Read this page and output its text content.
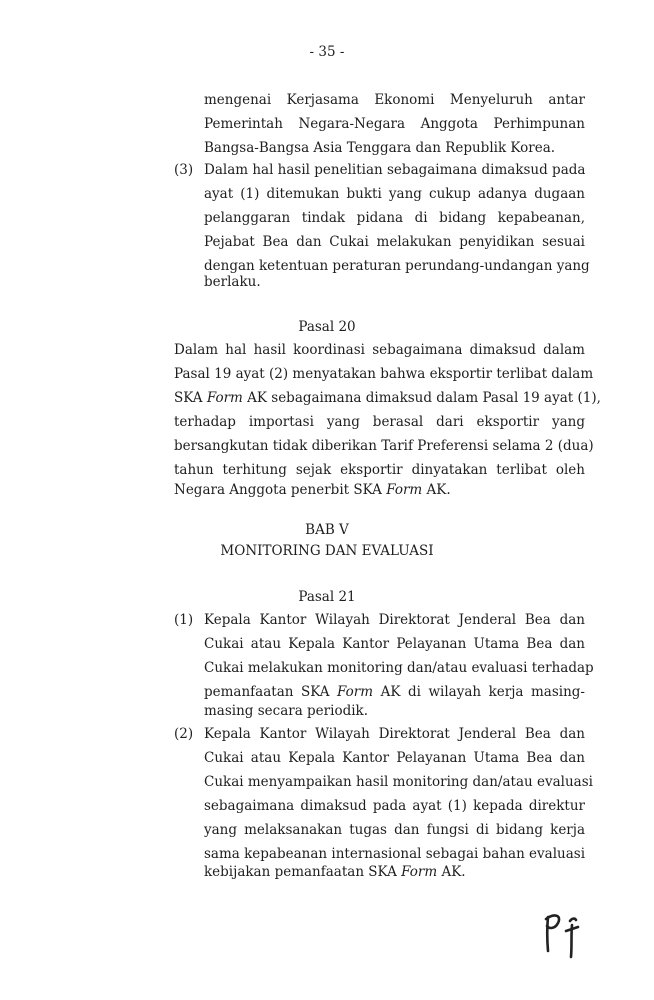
- 35 -
mengenai Kerjasama Ekonomi Menyeluruh antar
Pemerintah Negara-Negara Anggota Perhimpunan
Bangsa-Bangsa Asia Tenggara dan Republik Korea.
(3) Dalam hal hasil penelitian sebagaimana dimaksud pada
ayat (1) ditemukan bukti yang cukup adanya dugaan
pelanggaran tindak pidana di bidang kepabeanan,
Pejabat Bea dan Cukai melakukan penyidikan sesuai
dengan ketentuan peraturan perundang-undangan yang
berlaku.
Pasal 20
Dalam hal hasil koordinasi sebagaimana dimaksud dalam
Pasal 19 ayat (2) menyatakan bahwa eksportir terlibat dalam
SKA Form AK sebagaimana dimaksud dalam Pasal 19 ayat (1),
terhadap importasi yang berasal dari eksportir yang
bersangkutan tidak diberikan Tarif Preferensi selama 2 (dua)
tahun terhitung sejak eksportir dinyatakan terlibat oleh
Negara Anggota penerbit SKA Form AK.
BAB V
MONITORING DAN EVALUASI
Pasal 21
(1) Kepala Kantor Wilayah Direktorat Jenderal Bea dan
Cukai atau Kepala Kantor Pelayanan Utama Bea dan
Cukai melakukan monitoring dan/atau evaluasi terhadap
pemanfaatan SKA Form AK di wilayah kerja masing-
masing secara periodik.
(2) Kepala Kantor Wilayah Direktorat Jenderal Bea dan
Cukai atau Kepala Kantor Pelayanan Utama Bea dan
Cukai menyampaikan hasil monitoring dan/atau evaluasi
sebagaimana dimaksud pada ayat (1) kepada direktur
yang melaksanakan tugas dan fungsi di bidang kerja
sama kepabeanan internasional sebagai bahan evaluasi
kebijakan pemanfaatan SKA Form AK.
